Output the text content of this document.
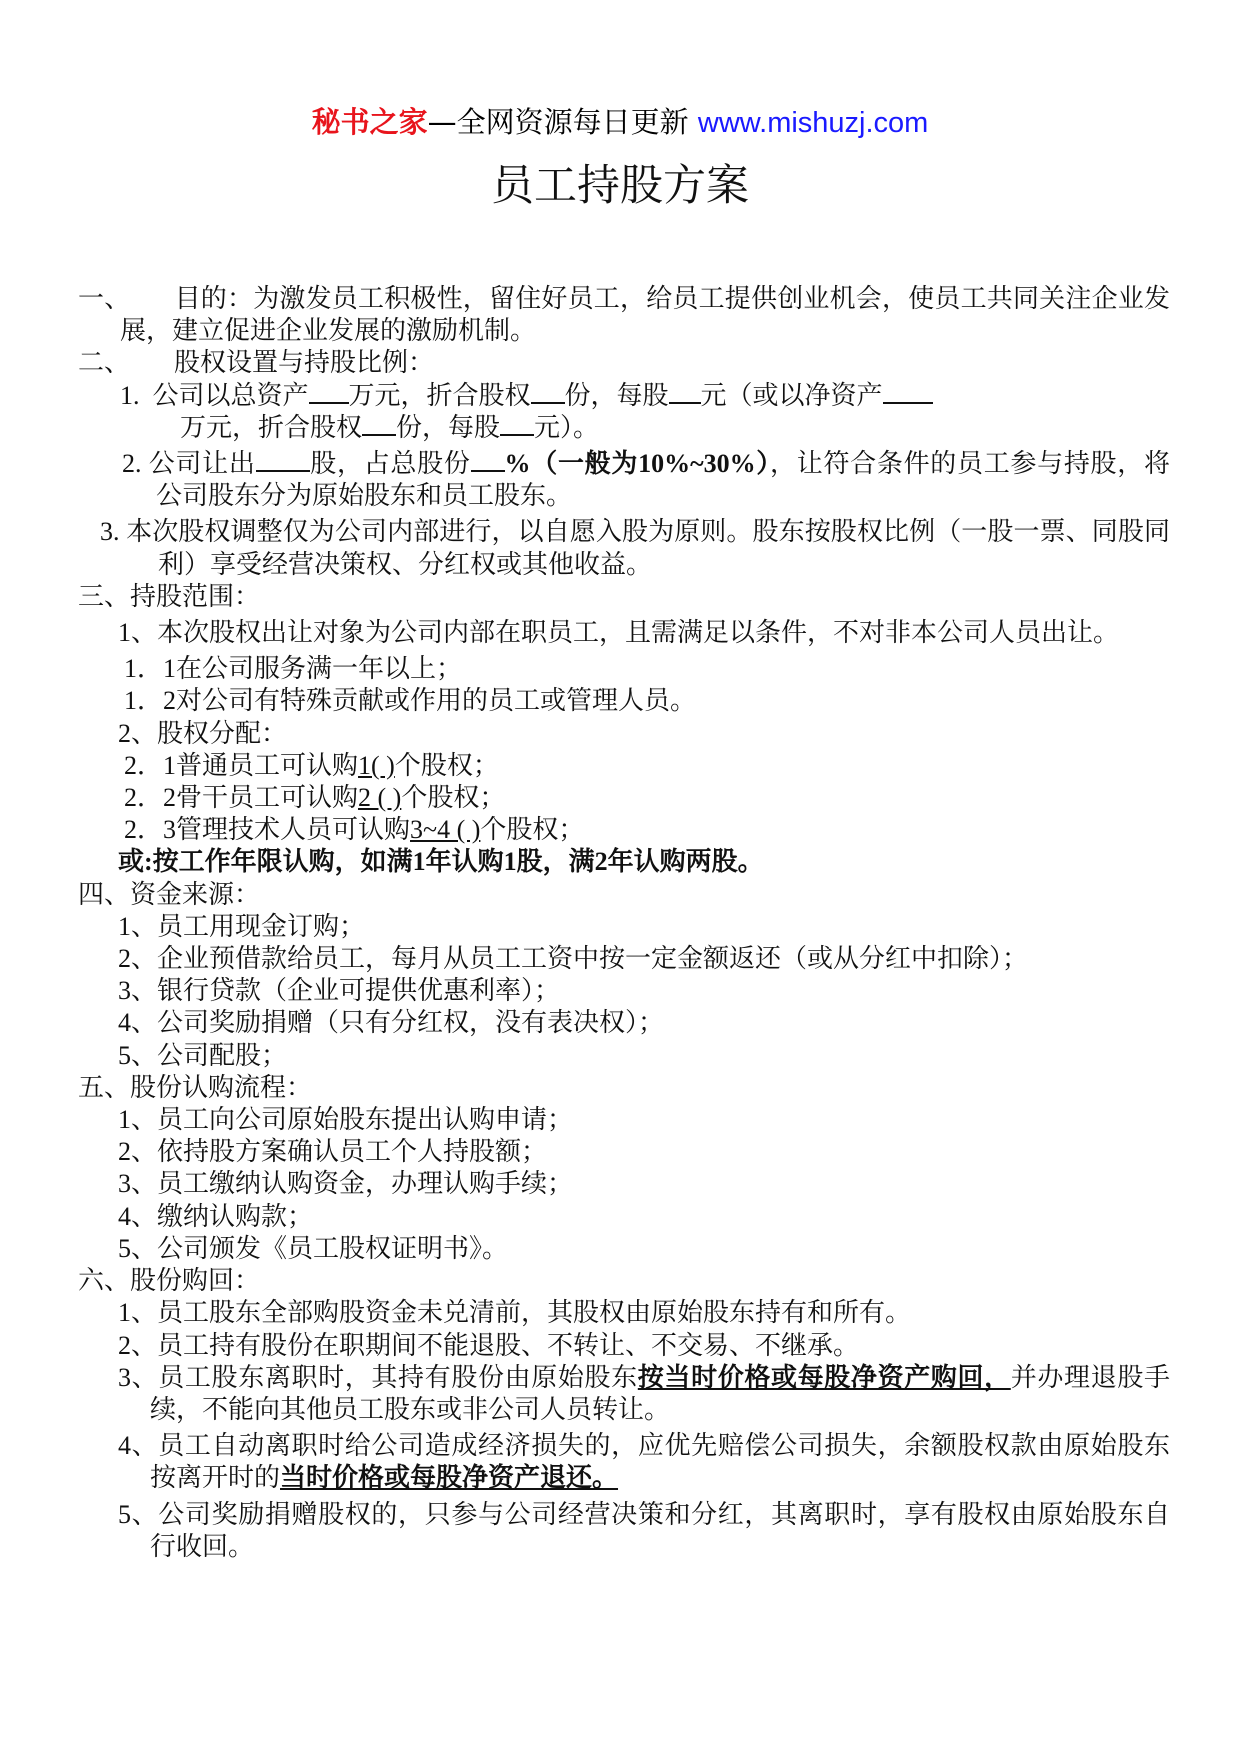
秘书之家—全网资源每日更新 www.mishuzj.com
员工持股方案

一、 目的：为激发员工积极性，留住好员工，给员工提供创业机会，使员工共同关注企业发展，建立促进企业发展的激励机制。

二、 股权设置与持股比例：

1. 公司以总资产 万元，折合股权 份，每股 元（或以净资产

万元，折合股权 份，每股 元）。

2. 公司让出 股，占总股份 %（一般为10%~30%），让符合条件的员工参与持股，将公司股东分为原始股东和员工股东。

3. 本次股权调整仅为公司内部进行，以自愿入股为原则。股东按股权比例（一股一票、同股同利）享受经营决策权、分红权或其他收益。

三、持股范围：

1、本次股权出让对象为公司内部在职员工，且需满足以条件，不对非本公司人员出让。

1．1在公司服务满一年以上；

1．2对公司有特殊贡献或作用的员工或管理人员。

2、股权分配：

2．1普通员工可认购1( )个股权；

2．2骨干员工可认购2 ( )个股权；

2．3管理技术人员可认购3~4 ( )个股权；

或:按工作年限认购，如满1年认购1股，满2年认购两股。

四、资金来源：

1、员工用现金订购；

2、企业预借款给员工，每月从员工工资中按一定金额返还（或从分红中扣除）；

3、银行贷款（企业可提供优惠利率）；

4、公司奖励捐赠（只有分红权，没有表决权）；

5、公司配股；

五、股份认购流程：

1、员工向公司原始股东提出认购申请；

2、依持股方案确认员工个人持股额；

3、员工缴纳认购资金，办理认购手续；

4、缴纳认购款；

5、公司颁发《员工股权证明书》。

六、股份购回：

1、员工股东全部购股资金未兑清前，其股权由原始股东持有和所有。

2、员工持有股份在职期间不能退股、不转让、不交易、不继承。

3、员工股东离职时，其持有股份由原始股东按当时价格或每股净资产购回，并办理退股手续，不能向其他员工股东或非公司人员转让。

4、员工自动离职时给公司造成经济损失的，应优先赔偿公司损失，余额股权款由原始股东按离开时的当时价格或每股净资产退还。

5、公司奖励捐赠股权的，只参与公司经营决策和分红，其离职时，享有股权由原始股东自行收回。
